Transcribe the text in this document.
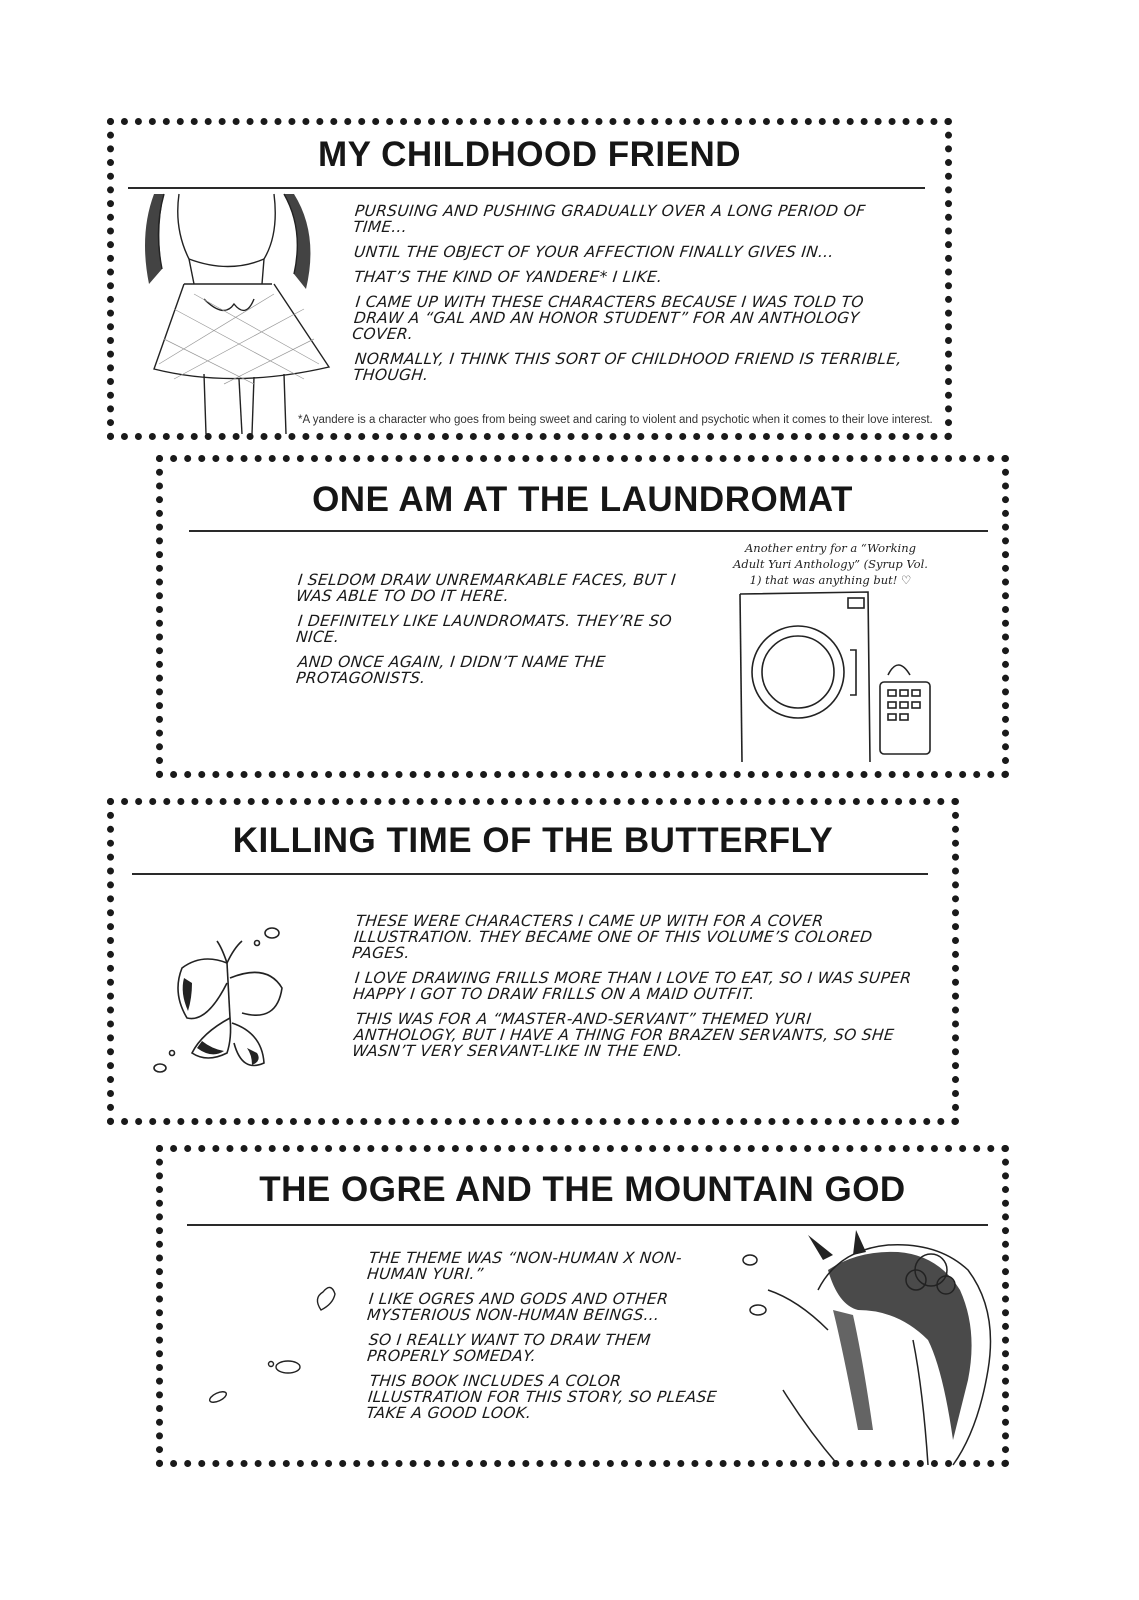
MY CHILDHOOD FRIEND

PURSUING AND PUSHING GRADUALLY OVER A LONG PERIOD OF TIME…

UNTIL THE OBJECT OF YOUR AFFECTION FINALLY GIVES IN…

THAT’S THE KIND OF YANDERE* I LIKE.

I CAME UP WITH THESE CHARACTERS BECAUSE I WAS TOLD TO DRAW A “GAL AND AN HONOR STUDENT” FOR AN ANTHOLOGY COVER.

NORMALLY, I THINK THIS SORT OF CHILDHOOD FRIEND IS TERRIBLE, THOUGH.

*A yandere is a character who goes from being sweet and caring to violent and psychotic when it comes to their love interest.
ONE AM AT THE LAUNDROMAT

I SELDOM DRAW UNREMARKABLE FACES, BUT I WAS ABLE TO DO IT HERE.

I DEFINITELY LIKE LAUNDROMATS. THEY’RE SO NICE.

AND ONCE AGAIN, I DIDN’T NAME THE PROTAGONISTS.

Another entry for a “Working Adult Yuri Anthology” (Syrup Vol. 1) that was anything but! ♡
KILLING TIME OF THE BUTTERFLY

THESE WERE CHARACTERS I CAME UP WITH FOR A COVER ILLUSTRATION. THEY BECAME ONE OF THIS VOLUME’S COLORED PAGES.

I LOVE DRAWING FRILLS MORE THAN I LOVE TO EAT, SO I WAS SUPER HAPPY I GOT TO DRAW FRILLS ON A MAID OUTFIT.

THIS WAS FOR A “MASTER-AND-SERVANT” THEMED YURI ANTHOLOGY, BUT I HAVE A THING FOR BRAZEN SERVANTS, SO SHE WASN’T VERY SERVANT-LIKE IN THE END.

THE OGRE AND THE MOUNTAIN GOD

THE THEME WAS “NON-HUMAN X NON-HUMAN YURI.”

I LIKE OGRES AND GODS AND OTHER MYSTERIOUS NON-HUMAN BEINGS…

SO I REALLY WANT TO DRAW THEM PROPERLY SOMEDAY.

THIS BOOK INCLUDES A COLOR ILLUSTRATION FOR THIS STORY, SO PLEASE TAKE A GOOD LOOK.
